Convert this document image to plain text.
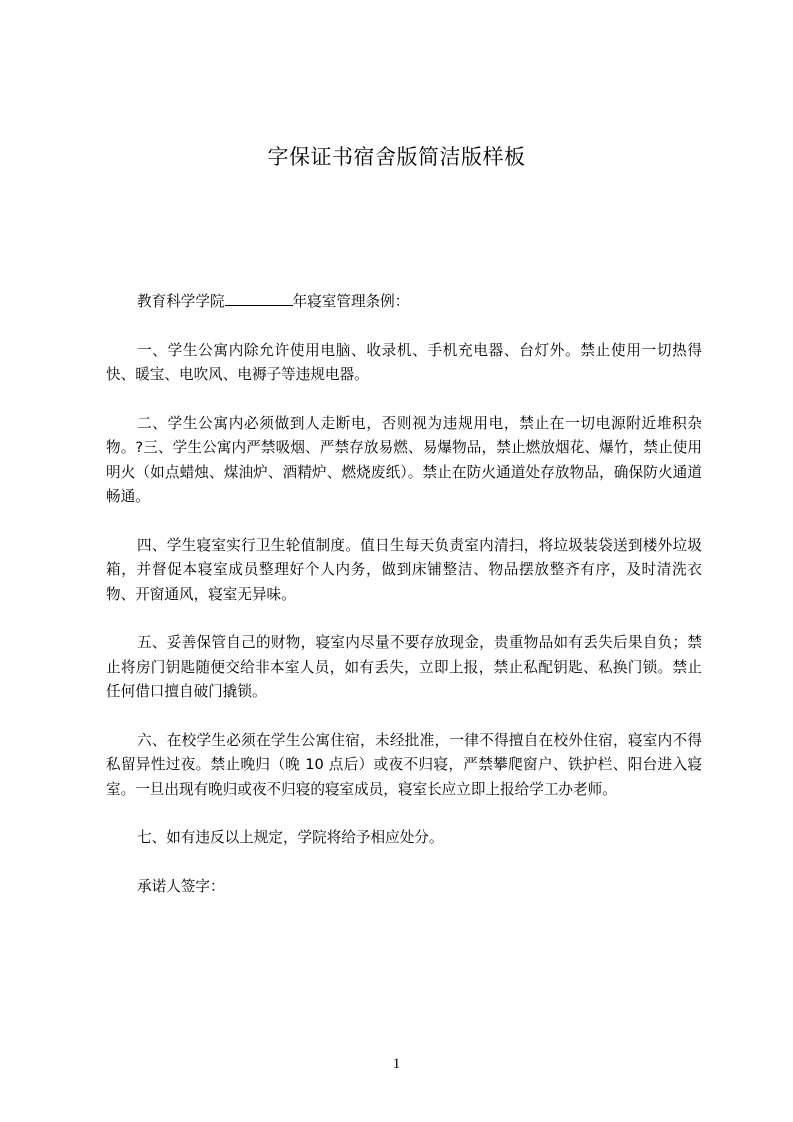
字保证书宿舍版简洁版样板

教育科学学院	年寝室管理条例：

一、学生公寓内除允许使用电脑、收录机、手机充电器、台灯外。禁止使用一切热得快、暖宝、电吹风、电褥子等违规电器。

二、学生公寓内必须做到人走断电，否则视为违规用电，禁止在一切电源附近堆积杂物。?三、学生公寓内严禁吸烟、严禁存放易燃、易爆物品，禁止燃放烟花、爆竹，禁止使用明火（如点蜡烛、煤油炉、酒精炉、燃烧废纸）。禁止在防火通道处存放物品，确保防火通道畅通。

四、学生寝室实行卫生轮值制度。值日生每天负责室内清扫，将垃圾装袋送到楼外垃圾箱，并督促本寝室成员整理好个人内务，做到床铺整洁、物品摆放整齐有序，及时清洗衣物、开窗通风，寝室无异味。

五、妥善保管自己的财物，寝室内尽量不要存放现金，贵重物品如有丢失后果自负；禁止将房门钥匙随便交给非本室人员，如有丢失，立即上报，禁止私配钥匙、私换门锁。禁止任何借口擅自破门撬锁。

六、在校学生必须在学生公寓住宿，未经批准，一律不得擅自在校外住宿，寝室内不得私留异性过夜。禁止晚归（晚 10 点后）或夜不归寝，严禁攀爬窗户、铁护栏、阳台进入寝室。一旦出现有晚归或夜不归寝的寝室成员，寝室长应立即上报给学工办老师。

七、如有违反以上规定，学院将给予相应处分。

承诺人签字：

1
